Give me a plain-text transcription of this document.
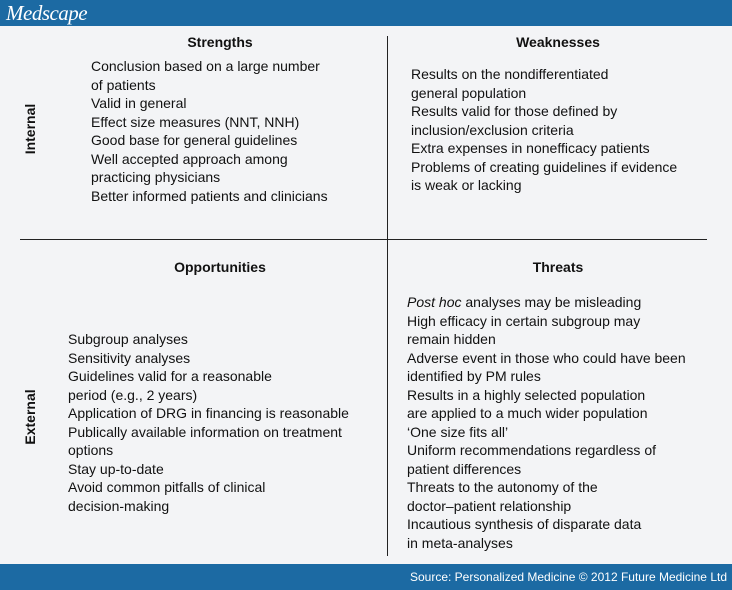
Medscape
Internal
External
Strengths	Weaknesses
Opportunities	Threats
Conclusion based on a large number
of patients
Valid in general
Effect size measures (NNT, NNH)
Good base for general guidelines
Well accepted approach among
practicing physicians
Better informed patients and clinicians
Results on the nondifferentiated
general population
Results valid for those defined by
inclusion/exclusion criteria
Extra expenses in nonefficacy patients
Problems of creating guidelines if evidence
is weak or lacking
Subgroup analyses
Sensitivity analyses
Guidelines valid for a reasonable
period (e.g., 2 years)
Application of DRG in financing is reasonable
Publically available information on treatment
options
Stay up-to-date
Avoid common pitfalls of clinical
decision-making
Post hoc analyses may be misleading
High efficacy in certain subgroup may
remain hidden
Adverse event in those who could have been
identified by PM rules
Results in a highly selected population
are applied to a much wider population
‘One size fits all’
Uniform recommendations regardless of
patient differences
Threats to the autonomy of the
doctor–patient relationship
Incautious synthesis of disparate data
in meta-analyses
Source: Personalized Medicine © 2012 Future Medicine Ltd
